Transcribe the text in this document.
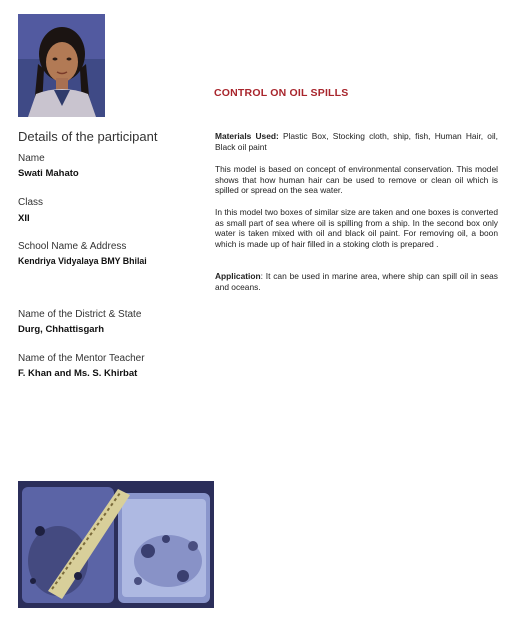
CONTROL ON OIL SPILLS
Details of the participant
Name
Swati Mahato
Class
XII
School Name & Address
Kendriya Vidyalaya BMY Bhilai
Name of the District & State
Durg, Chhattisgarh
Name of the Mentor Teacher
F. Khan and Ms. S. Khirbat
Materials Used: Plastic Box, Stocking cloth, ship, fish, Human Hair, oil, Black oil paint
This model is based on concept of environmental conservation. This model shows that how human hair can be used to remove or clean oil which is spilled or spread on the sea water.
In this model two boxes of similar size are taken and one boxes is converted as small part of sea where oil is spilling from a ship. In the second box only water is taken mixed with oil and black oil paint. For removing oil, a boon which is made up of hair filled in a stoking cloth is prepared .
Application: It can be used in marine area, where ship can spill oil in seas and oceans.
